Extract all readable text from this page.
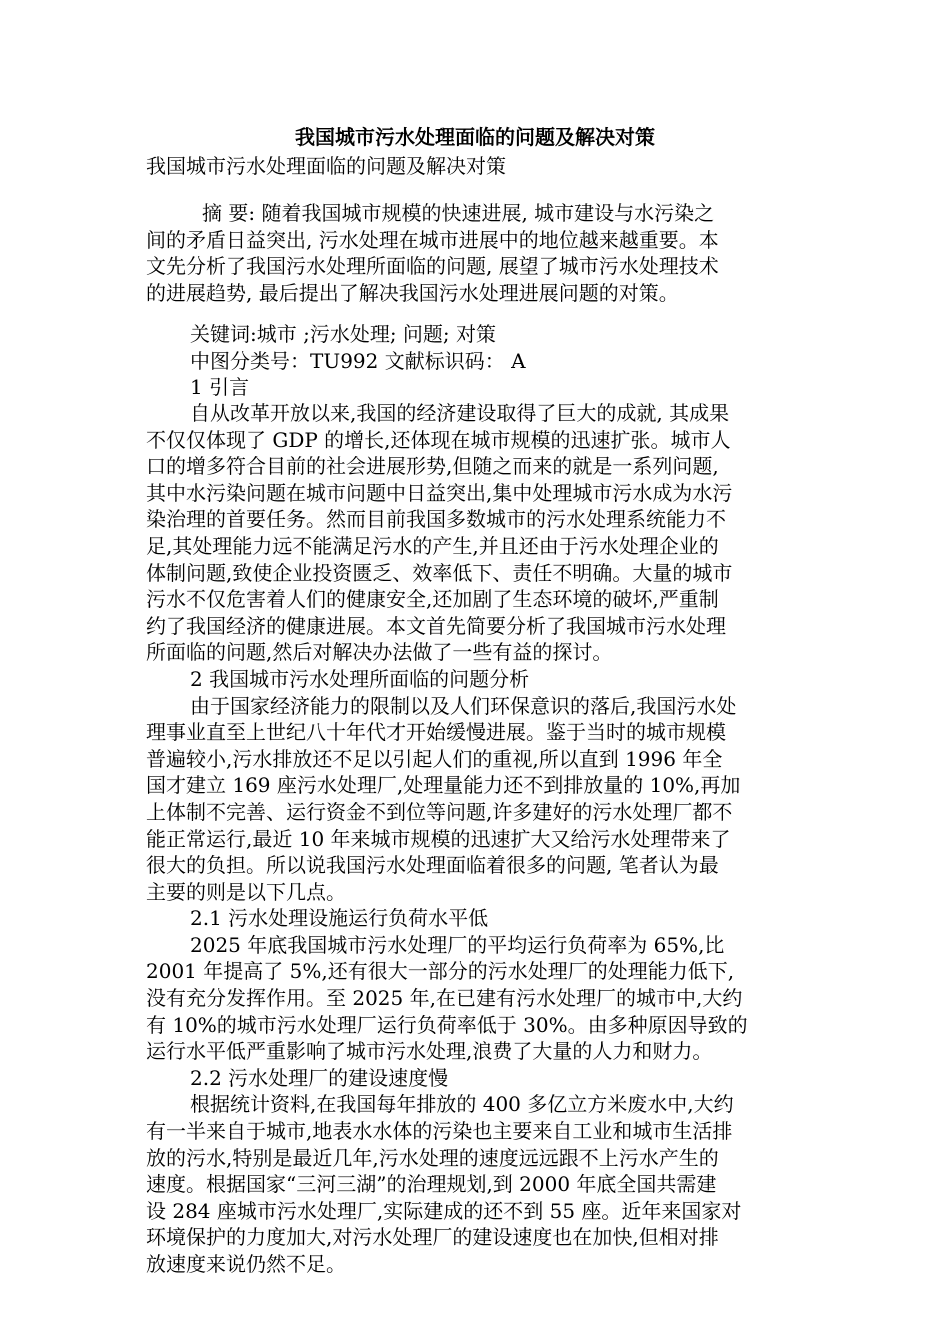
我国城市污水处理面临的问题及解决对策
我国城市污水处理面临的问题及解决对策
摘 要: 随着我国城市规模的快速进展, 城市建设与水污染之
间的矛盾日益突出, 污水处理在城市进展中的地位越来越重要。本
文先分析了我国污水处理所面临的问题, 展望了城市污水处理技术
的进展趋势, 最后提出了解决我国污水处理进展问题的对策。
关键词:城市 ;污水处理; 问题; 对策
中图分类号：TU992 文献标识码： A
1 引言
自从改革开放以来,我国的经济建设取得了巨大的成就, 其成果
不仅仅体现了 GDP 的增长,还体现在城市规模的迅速扩张。城市人
口的增多符合目前的社会进展形势,但随之而来的就是一系列问题,
其中水污染问题在城市问题中日益突出,集中处理城市污水成为水污
染治理的首要任务。然而目前我国多数城市的污水处理系统能力不
足,其处理能力远不能满足污水的产生,并且还由于污水处理企业的
体制问题,致使企业投资匮乏、效率低下、责任不明确。大量的城市
污水不仅危害着人们的健康安全,还加剧了生态环境的破坏,严重制
约了我国经济的健康进展。本文首先简要分析了我国城市污水处理
所面临的问题,然后对解决办法做了一些有益的探讨。
2 我国城市污水处理所面临的问题分析
由于国家经济能力的限制以及人们环保意识的落后,我国污水处
理事业直至上世纪八十年代才开始缓慢进展。鉴于当时的城市规模
普遍较小,污水排放还不足以引起人们的重视,所以直到 1996 年全
国才建立 169 座污水处理厂,处理量能力还不到排放量的 10%,再加
上体制不完善、运行资金不到位等问题,许多建好的污水处理厂都不
能正常运行,最近 10 年来城市规模的迅速扩大又给污水处理带来了
很大的负担。所以说我国污水处理面临着很多的问题, 笔者认为最
主要的则是以下几点。
2.1 污水处理设施运行负荷水平低
2025 年底我国城市污水处理厂的平均运行负荷率为 65%,比
2001 年提高了 5%,还有很大一部分的污水处理厂的处理能力低下,
没有充分发挥作用。至 2025 年,在已建有污水处理厂的城市中,大约
有 10%的城市污水处理厂运行负荷率低于 30%。由多种原因导致的
运行水平低严重影响了城市污水处理,浪费了大量的人力和财力。
2.2 污水处理厂的建设速度慢
根据统计资料,在我国每年排放的 400 多亿立方米废水中,大约
有一半来自于城市,地表水水体的污染也主要来自工业和城市生活排
放的污水,特别是最近几年,污水处理的速度远远跟不上污水产生的
速度。根据国家“三河三湖”的治理规划,到 2000 年底全国共需建
设 284 座城市污水处理厂,实际建成的还不到 55 座。近年来国家对
环境保护的力度加大,对污水处理厂的建设速度也在加快,但相对排
放速度来说仍然不足。
